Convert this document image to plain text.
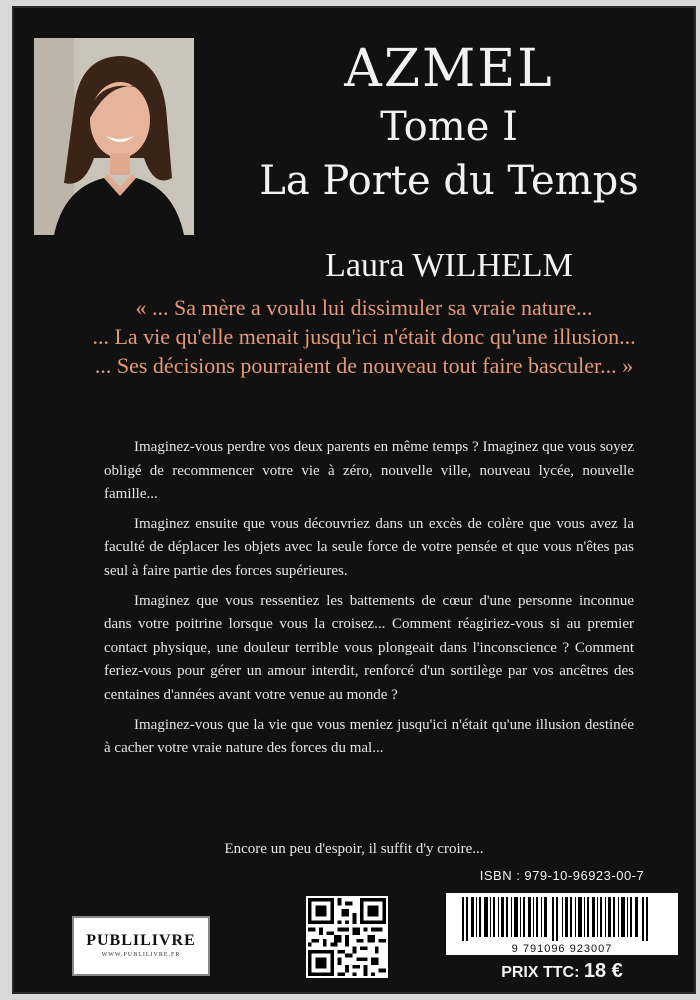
AZMEL
Tome I
La Porte du Temps
Laura WILHELM
« ... Sa mère a voulu lui dissimuler sa vraie nature...
... La vie qu'elle menait jusqu'ici n'était donc qu'une illusion...
... Ses décisions pourraient de nouveau tout faire basculer... »

Imaginez-vous perdre vos deux parents en même temps ? Imaginez que vous soyez obligé de recommencer votre vie à zéro, nouvelle ville, nouveau lycée, nouvelle famille...

Imaginez ensuite que vous découvriez dans un excès de colère que vous avez la faculté de déplacer les objets avec la seule force de votre pensée et que vous n'êtes pas seul à faire partie des forces supérieures.

Imaginez que vous ressentiez les battements de cœur d'une personne inconnue dans votre poitrine lorsque vous la croisez... Comment réagiriez-vous si au premier contact physique, une douleur terrible vous plongeait dans l'inconscience ? Comment feriez-vous pour gérer un amour interdit, renforcé d'un sortilège par vos ancêtres des centaines d'années avant votre venue au monde ?

Imaginez-vous que la vie que vous meniez jusqu'ici n'était qu'une illusion destinée à cacher votre vraie nature des forces du mal...

Encore un peu d'espoir, il suffit d'y croire...
PUBLILIVRE
WWW.PUBLILIVRE.FR
ISBN : 979-10-96923-00-7
9 791096 923007
PRIX TTC: 18 €
